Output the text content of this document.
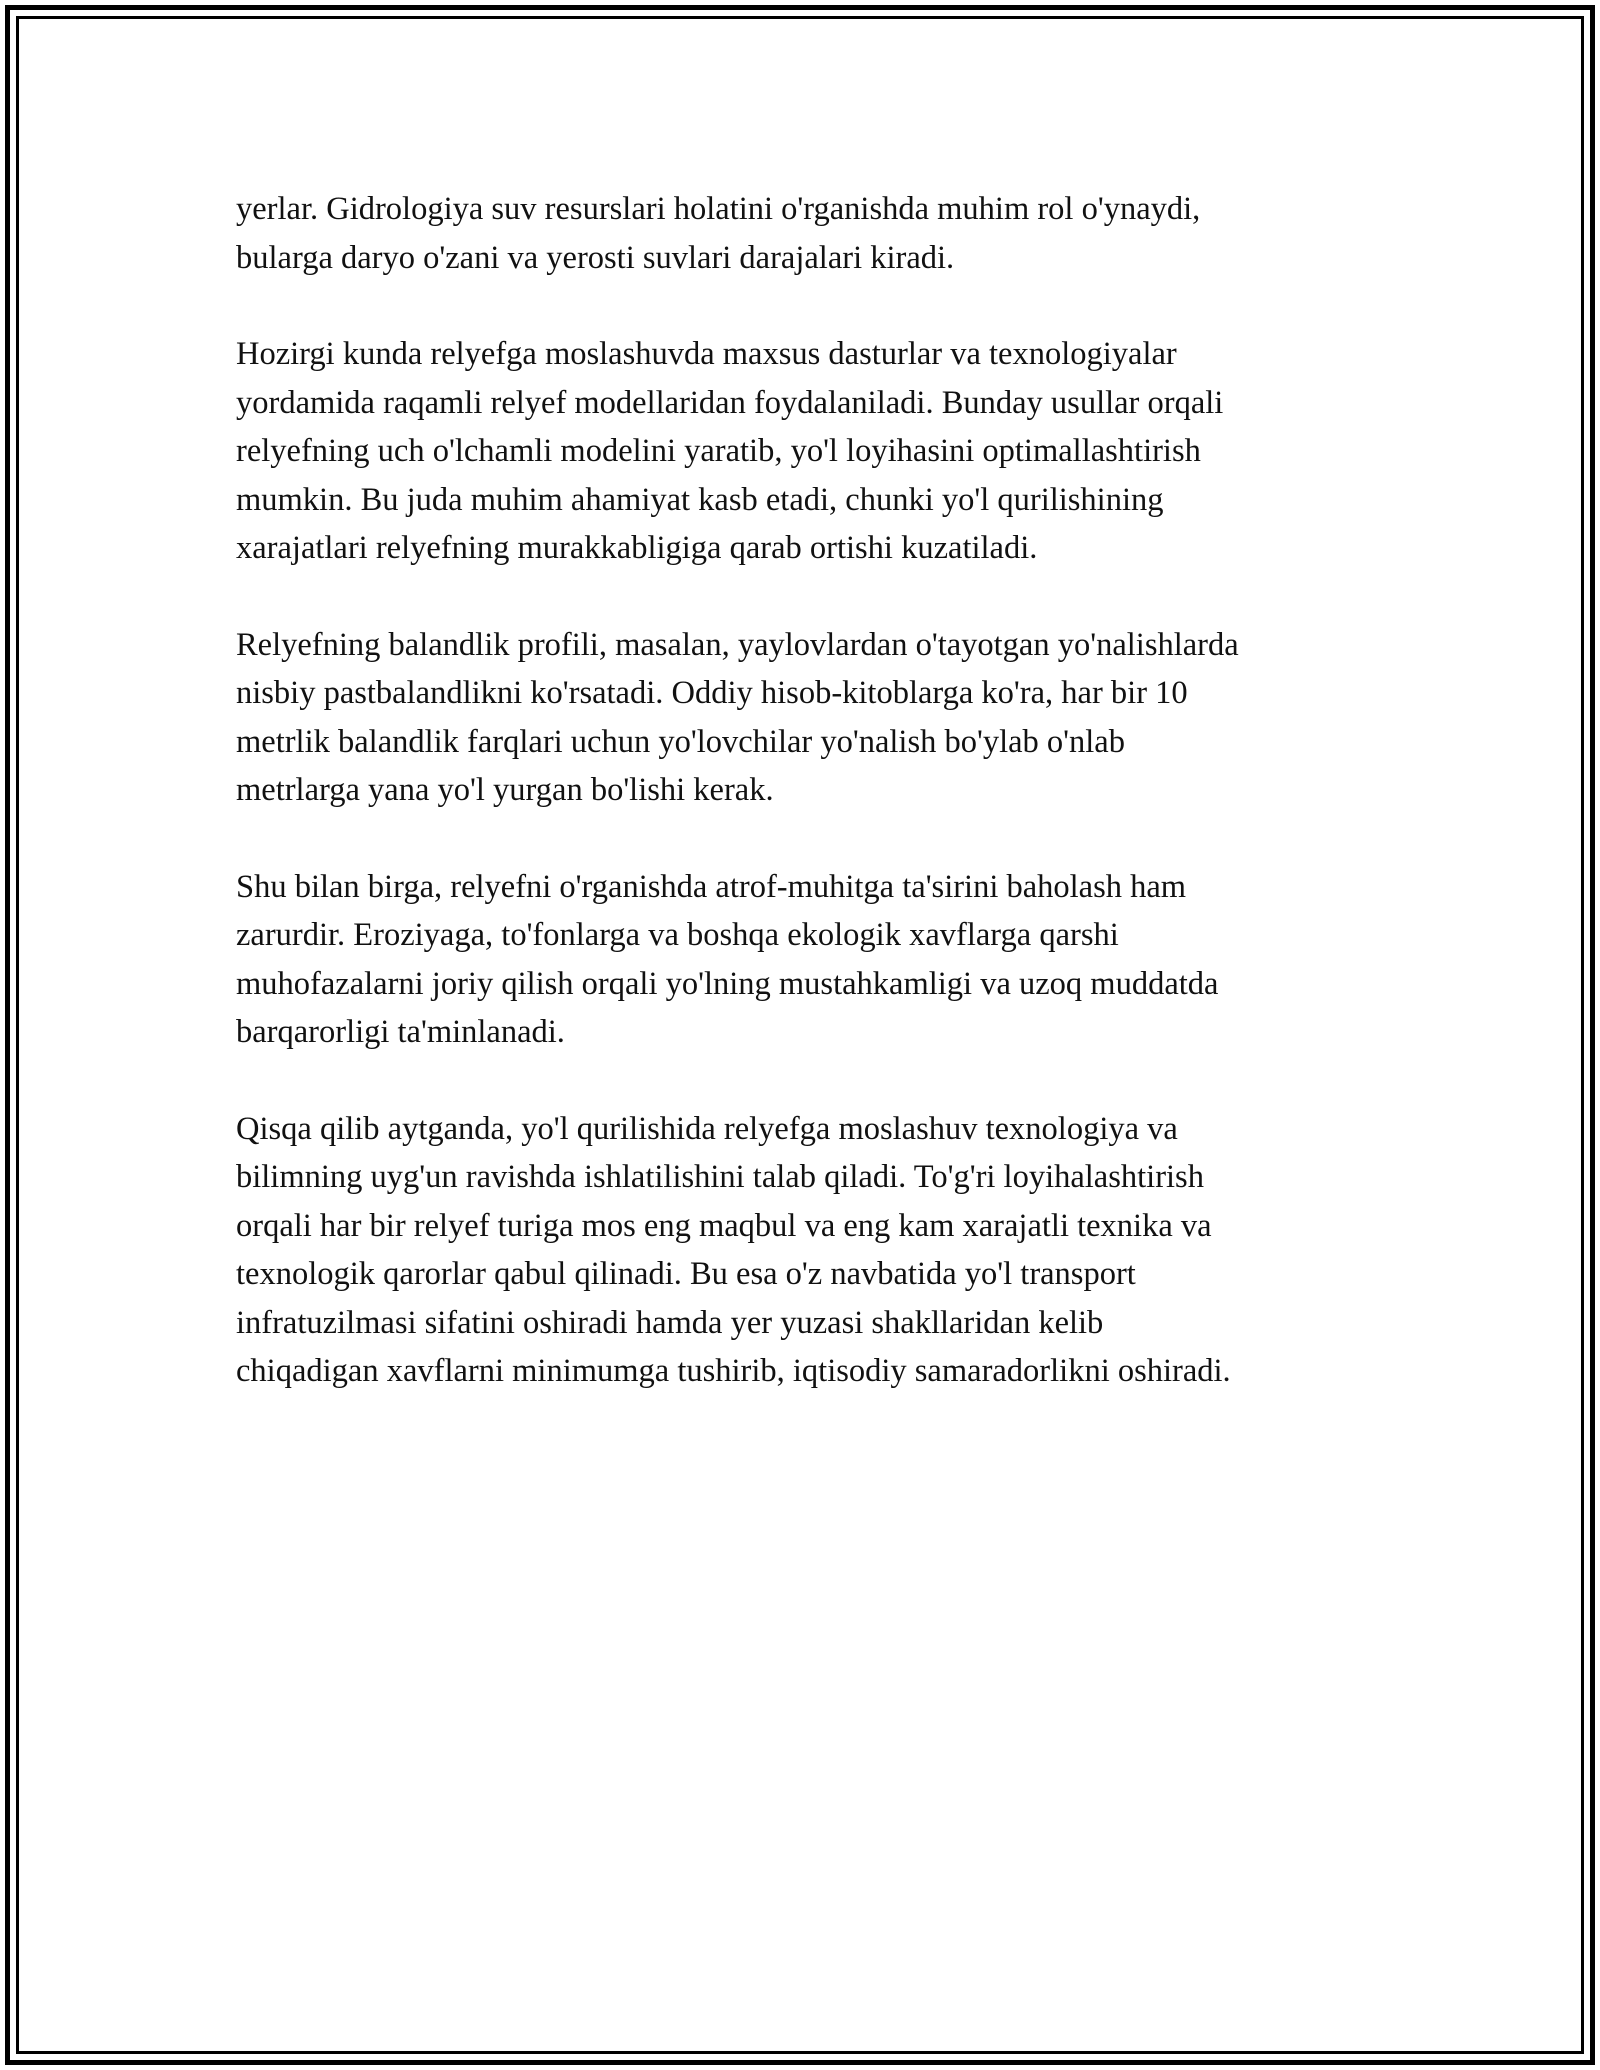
yerlar. Gidrologiya suv resurslari holatini o'rganishda muhim rol o'ynaydi,
bularga daryo o'zani va yerosti suvlari darajalari kiradi.

Hozirgi kunda relyefga moslashuvda maxsus dasturlar va texnologiyalar
yordamida raqamli relyef modellaridan foydalaniladi. Bunday usullar orqali
relyefning uch o'lchamli modelini yaratib, yo'l loyihasini optimallashtirish
mumkin. Bu juda muhim ahamiyat kasb etadi, chunki yo'l qurilishining
xarajatlari relyefning murakkabligiga qarab ortishi kuzatiladi.

Relyefning balandlik profili, masalan, yaylovlardan o'tayotgan yo'nalishlarda
nisbiy pastbalandlikni ko'rsatadi. Oddiy hisob-kitoblarga ko'ra, har bir 10
metrlik balandlik farqlari uchun yo'lovchilar yo'nalish bo'ylab o'nlab
metrlarga yana yo'l yurgan bo'lishi kerak.

Shu bilan birga, relyefni o'rganishda atrof-muhitga ta'sirini baholash ham
zarurdir. Eroziyaga, to'fonlarga va boshqa ekologik xavflarga qarshi
muhofazalarni joriy qilish orqali yo'lning mustahkamligi va uzoq muddatda
barqarorligi ta'minlanadi.

Qisqa qilib aytganda, yo'l qurilishida relyefga moslashuv texnologiya va
bilimning uyg'un ravishda ishlatilishini talab qiladi. To'g'ri loyihalashtirish
orqali har bir relyef turiga mos eng maqbul va eng kam xarajatli texnika va
texnologik qarorlar qabul qilinadi. Bu esa o'z navbatida yo'l transport
infratuzilmasi sifatini oshiradi hamda yer yuzasi shakllaridan kelib
chiqadigan xavflarni minimumga tushirib, iqtisodiy samaradorlikni oshiradi.
